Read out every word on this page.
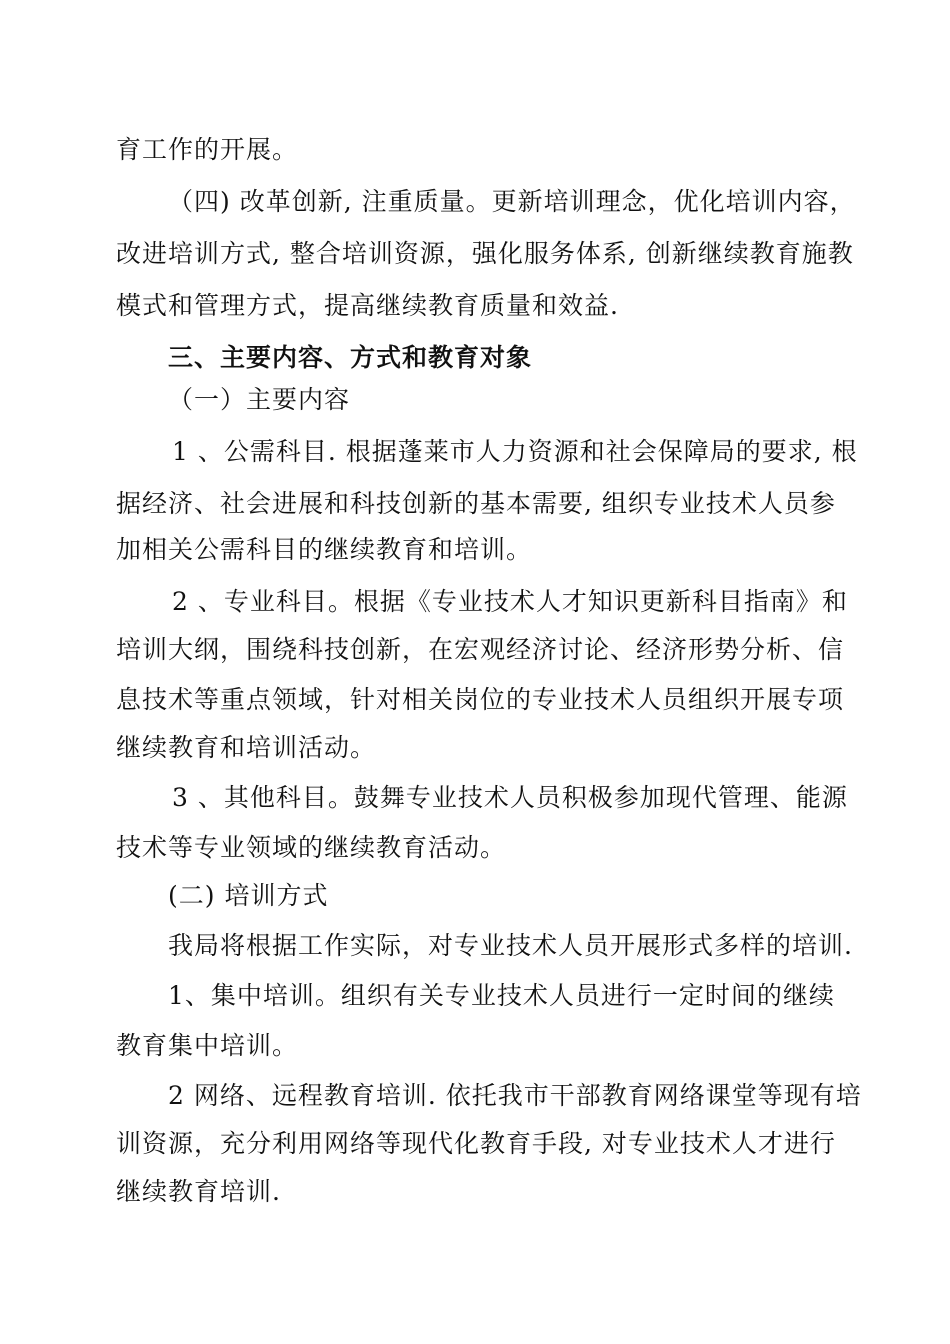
育工作的开展。
（四) 改革创新, 注重质量。更新培训理念，优化培训内容，
改进培训方式, 整合培训资源，强化服务体系, 创新继续教育施教
模式和管理方式，提高继续教育质量和效益.
三、主要内容、方式和教育对象
（一）主要内容
1 、公需科目. 根据蓬莱市人力资源和社会保障局的要求, 根
据经济、社会进展和科技创新的基本需要, 组织专业技术人员参
加相关公需科目的继续教育和培训。
2 、专业科目。根据《专业技术人才知识更新科目指南》和
培训大纲，围绕科技创新，在宏观经济讨论、经济形势分析、信
息技术等重点领域，针对相关岗位的专业技术人员组织开展专项
继续教育和培训活动。
3 、其他科目。鼓舞专业技术人员积极参加现代管理、能源
技术等专业领域的继续教育活动。
(二) 培训方式
我局将根据工作实际，对专业技术人员开展形式多样的培训.
1、集中培训。组织有关专业技术人员进行一定时间的继续
教育集中培训。
2 网络、远程教育培训. 依托我市干部教育网络课堂等现有培
训资源，充分利用网络等现代化教育手段, 对专业技术人才进行
继续教育培训.
